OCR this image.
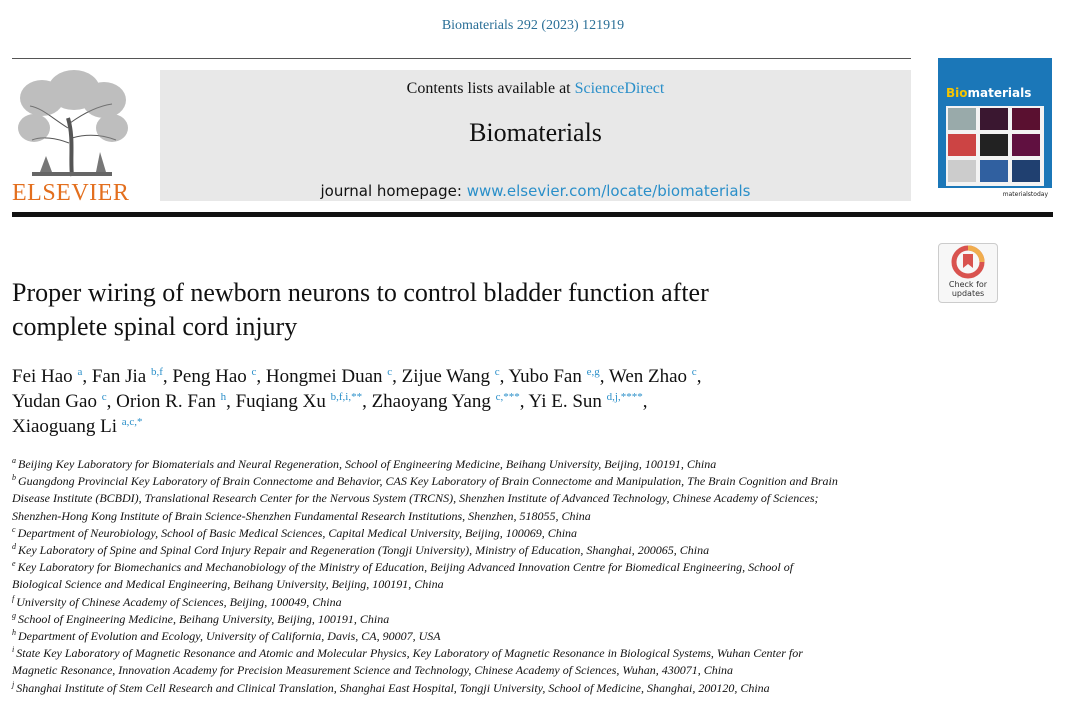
Biomaterials 292 (2023) 121919
ELSEVIER
Contents lists available at ScienceDirect
Biomaterials
journal homepage: www.elsevier.com/locate/biomaterials
Biomaterials
materialstoday
Check for
updates
Proper wiring of newborn neurons to control bladder function after
complete spinal cord injury
Fei Hao $^a$, Fan Jia $^{b,f}$, Peng Hao $^c$, Hongmei Duan $^c$, Zijue Wang $^c$, Yubo Fan $^{e,g}$, Wen Zhao $^c$,
Yudan Gao $^c$, Orion R. Fan $^h$, Fuqiang Xu $^{b,f,i,**}$, Zhaoyang Yang $^{c,***}$, Yi E. Sun $^{d,j,****}$,
Xiaoguang Li $^{a,c,*}$
$^a$ Beijing Key Laboratory for Biomaterials and Neural Regeneration, School of Engineering Medicine, Beihang University, Beijing, 100191, China
$^b$ Guangdong Provincial Key Laboratory of Brain Connectome and Behavior, CAS Key Laboratory of Brain Connectome and Manipulation, The Brain Cognition and Brain
Disease Institute (BCBDI), Translational Research Center for the Nervous System (TRCNS), Shenzhen Institute of Advanced Technology, Chinese Academy of Sciences;
Shenzhen-Hong Kong Institute of Brain Science-Shenzhen Fundamental Research Institutions, Shenzhen, 518055, China
$^c$ Department of Neurobiology, School of Basic Medical Sciences, Capital Medical University, Beijing, 100069, China
$^d$ Key Laboratory of Spine and Spinal Cord Injury Repair and Regeneration (Tongji University), Ministry of Education, Shanghai, 200065, China
$^e$ Key Laboratory for Biomechanics and Mechanobiology of the Ministry of Education, Beijing Advanced Innovation Centre for Biomedical Engineering, School of
Biological Science and Medical Engineering, Beihang University, Beijing, 100191, China
$^f$ University of Chinese Academy of Sciences, Beijing, 100049, China
$^g$ School of Engineering Medicine, Beihang University, Beijing, 100191, China
$^h$ Department of Evolution and Ecology, University of California, Davis, CA, 90007, USA
$^i$ State Key Laboratory of Magnetic Resonance and Atomic and Molecular Physics, Key Laboratory of Magnetic Resonance in Biological Systems, Wuhan Center for
Magnetic Resonance, Innovation Academy for Precision Measurement Science and Technology, Chinese Academy of Sciences, Wuhan, 430071, China
$^j$ Shanghai Institute of Stem Cell Research and Clinical Translation, Shanghai East Hospital, Tongji University, School of Medicine, Shanghai, 200120, China
